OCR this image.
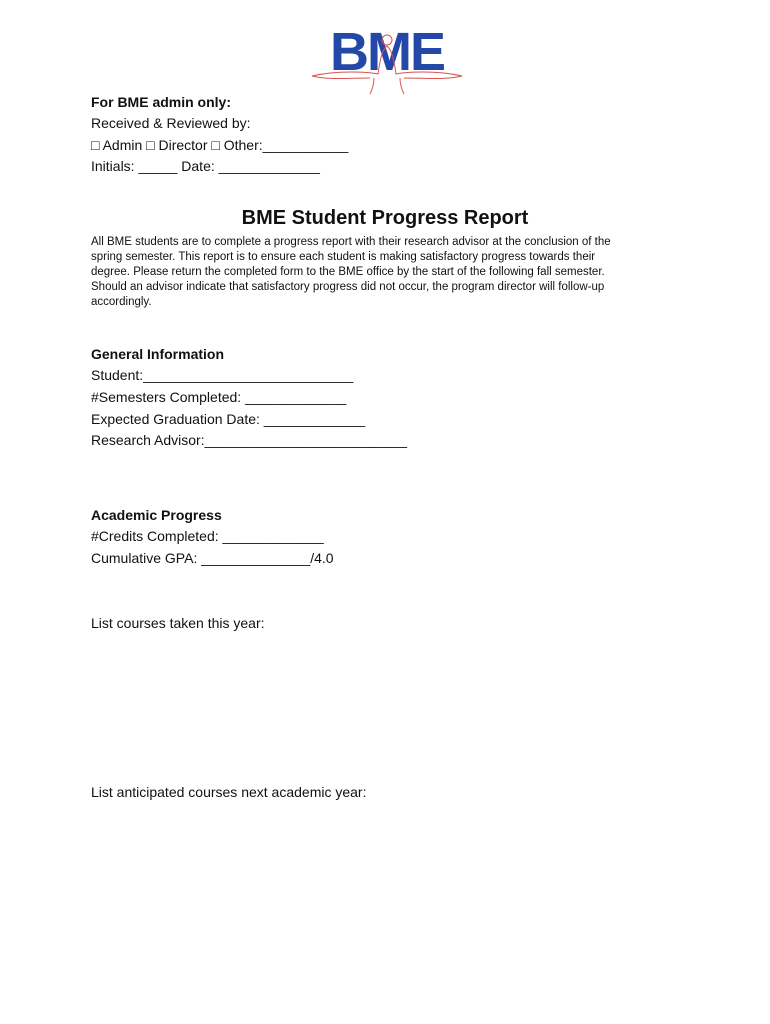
BME
For BME admin only:
Received & Reviewed by:
□ Admin □ Director □ Other:___________
Initials: _____ Date: _____________
BME Student Progress Report
All BME students are to complete a progress report with their research advisor at the conclusion of the
spring semester. This report is to ensure each student is making satisfactory progress towards their
degree. Please return the completed form to the BME office by the start of the following fall semester.
Should an advisor indicate that satisfactory progress did not occur, the program director will follow-up
accordingly.
General Information
Student:___________________________
#Semesters Completed: _____________
Expected Graduation Date: _____________
Research Advisor:__________________________
Academic Progress
#Credits Completed: _____________
Cumulative GPA: ______________/4.0
List courses taken this year:
List anticipated courses next academic year:
